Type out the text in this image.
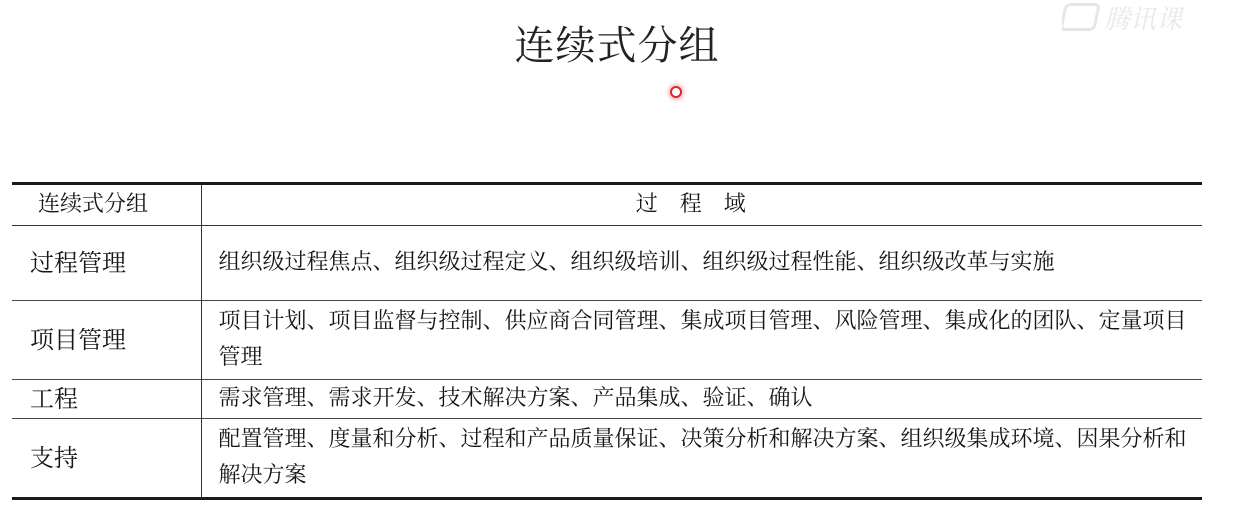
腾讯课
连续式分组
连续式分组	过程域
过程管理	组织级过程焦点、组织级过程定义、组织级培训、组织级过程性能、组织级改革与实施
项目管理	项目计划、项目监督与控制、供应商合同管理、集成项目管理、风险管理、集成化的团队、定量项目管理
工程	需求管理、需求开发、技术解决方案、产品集成、验证、确认
支持	配置管理、度量和分析、过程和产品质量保证、决策分析和解决方案、组织级集成环境、因果分析和解决方案
